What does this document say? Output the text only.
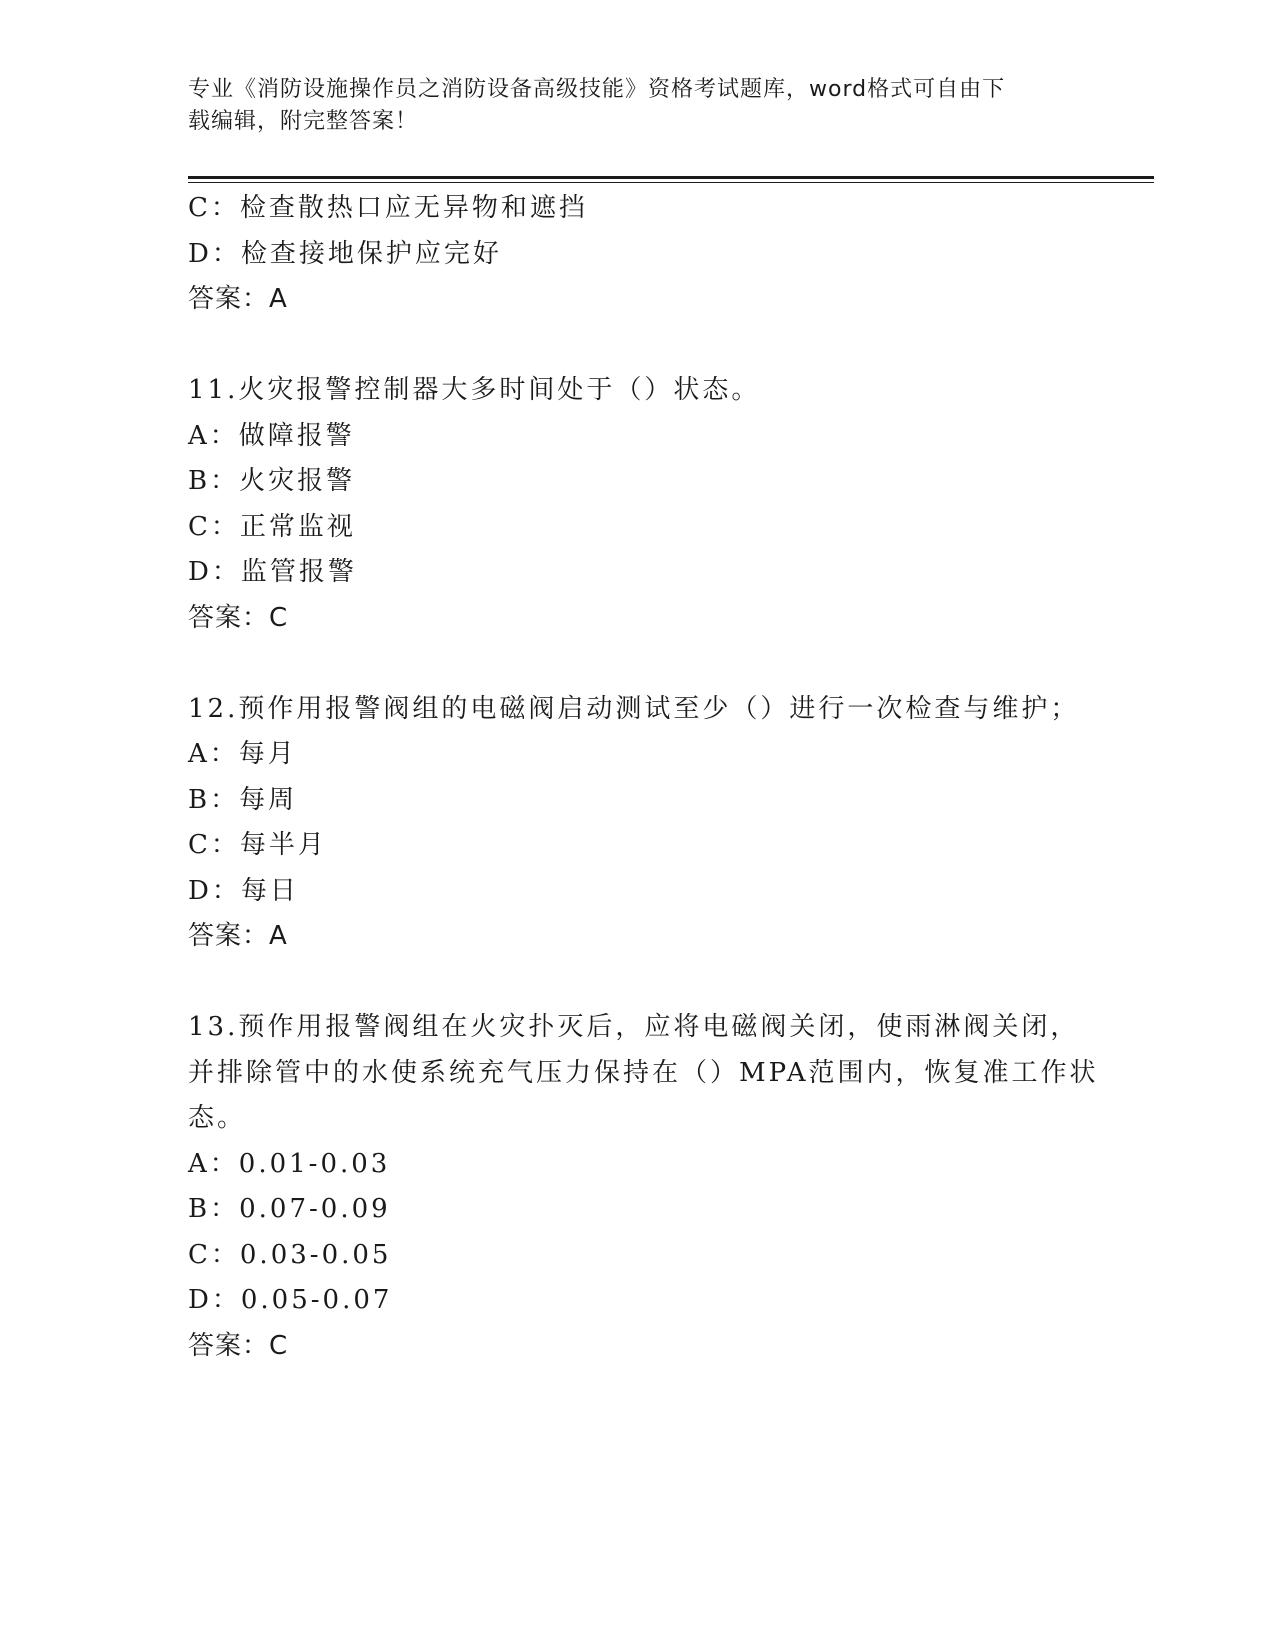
专业《消防设施操作员之消防设备高级技能》资格考试题库，word格式可自由下
载编辑，附完整答案！
C：检查散热口应无异物和遮挡
D：检查接地保护应完好
答案：A
11.火灾报警控制器大多时间处于（）状态。
A：做障报警
B：火灾报警
C：正常监视
D：监管报警
答案：C
12.预作用报警阀组的电磁阀启动测试至少（）进行一次检查与维护；
A：每月
B：每周
C：每半月
D：每日
答案：A
13.预作用报警阀组在火灾扑灭后，应将电磁阀关闭，使雨淋阀关闭，
并排除管中的水使系统充气压力保持在（）MPA范围内，恢复准工作状
态。
A：0.01-0.03
B：0.07-0.09
C：0.03-0.05
D：0.05-0.07
答案：C
